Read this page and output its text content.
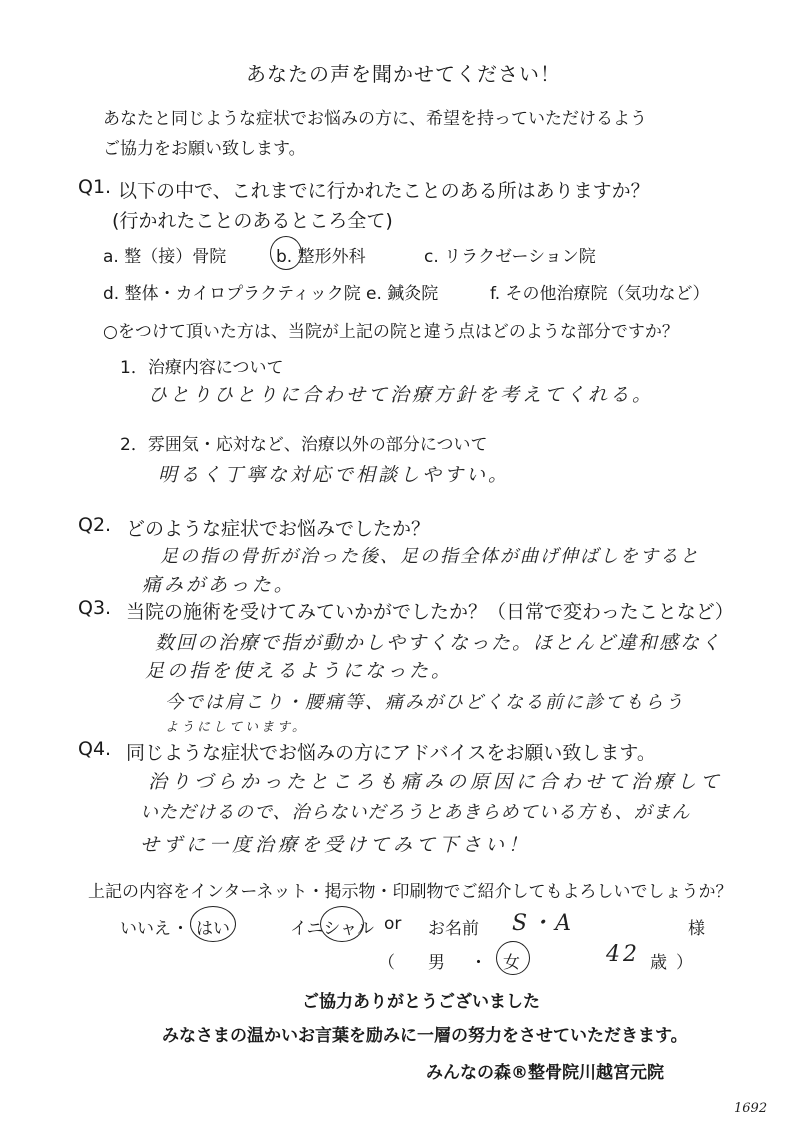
あなたの声を聞かせてください！
あなたと同じような症状でお悩みの方に、希望を持っていただけるよう
ご協力をお願い致します。
Q1. 以下の中で、これまでに行かれたことのある所はありますか？
(行かれたことのあるところ全て)
a. 整（接）骨院	b. 整形外科	c. リラクゼーション院
d. 整体・カイロプラクティック院 e. 鍼灸院	f. その他治療院（気功など）
○をつけて頂いた方は、当院が上記の院と違う点はどのような部分ですか？
1．治療内容について
ひとりひとりに合わせて治療方針を考えてくれる。
2．雰囲気・応対など、治療以外の部分について
明るく丁寧な対応で相談しやすい。
Q2. どのような症状でお悩みでしたか？
足の指の骨折が治った後、足の指全体が曲げ伸ばしをすると
痛みがあった。
Q3. 当院の施術を受けてみていかがでしたか？（日常で変わったことなど）
数回の治療で指が動かしやすくなった。ほとんど違和感なく
足の指を使えるようになった。
今では肩こり・腰痛等、痛みがひどくなる前に診てもらう
ようにしています。
Q4. 同じような症状でお悩みの方にアドバイスをお願い致します。
治りづらかったところも痛みの原因に合わせて治療して
いただけるので、治らないだろうとあきらめている方も、がまん
せずに一度治療を受けてみて下さい！
上記の内容をインターネット・掲示物・印刷物でご紹介してもよろしいでしょうか？
いいえ ・ はい	イニシャル or お名前 S・A	様
（ 男 ・ 女	42 歳 ）
ご協力ありがとうございました
みなさまの温かいお言葉を励みに一層の努力をさせていただきます。
みんなの森®整骨院川越宮元院
1692
